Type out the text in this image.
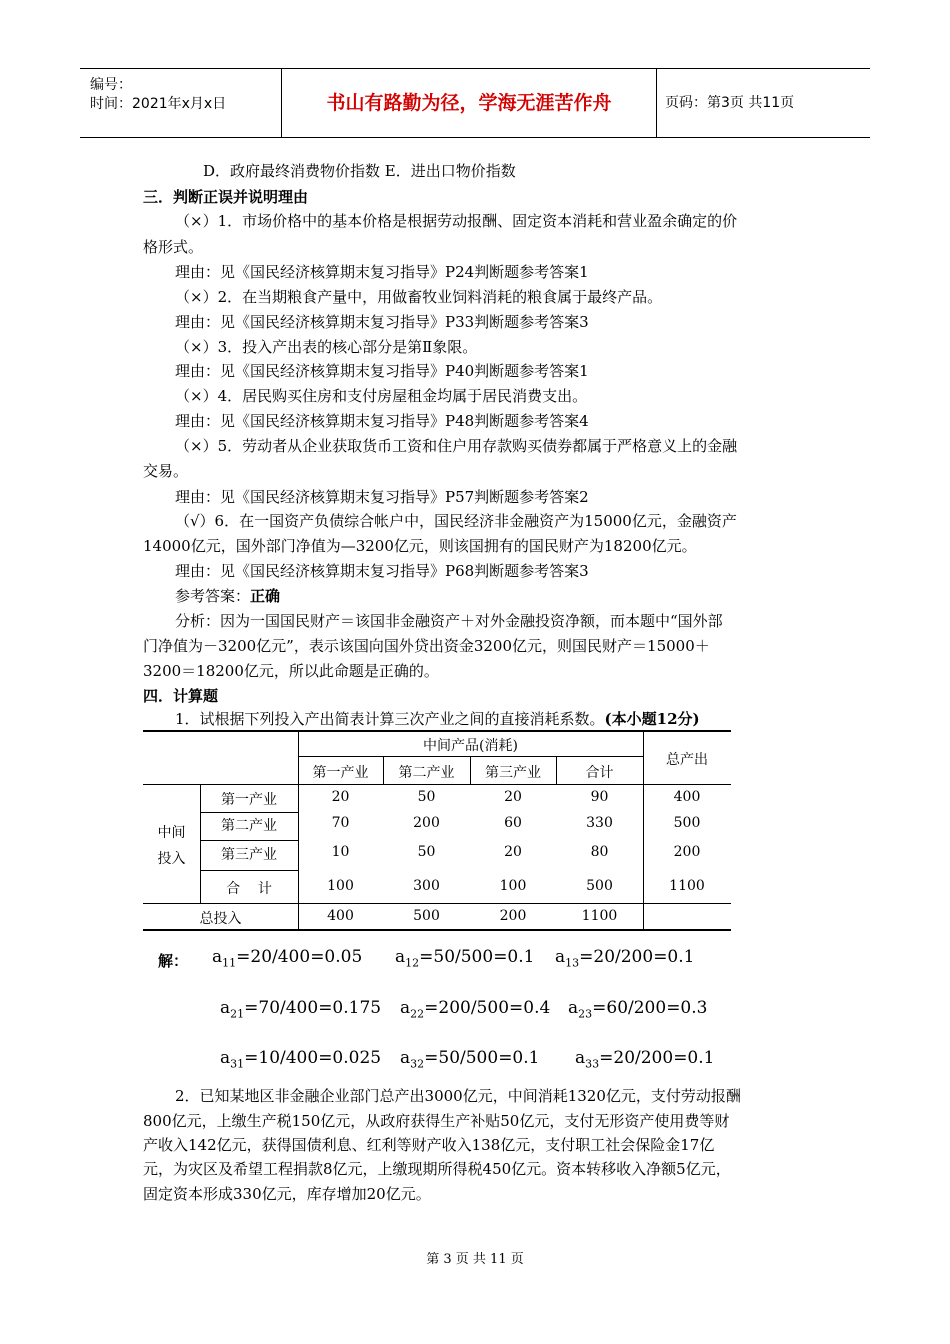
编号：
时间：2021年x月x日	书山有路勤为径，学海无涯苦作舟	页码：第3页 共11页
D．政府最终消费物价指数 E．进出口物价指数
三．判断正误并说明理由
（×）1．市场价格中的基本价格是根据劳动报酬、固定资本消耗和营业盈余确定的价
格形式。
理由：见《国民经济核算期末复习指导》P24判断题参考答案1
（×）2．在当期粮食产量中，用做畜牧业饲料消耗的粮食属于最终产品。
理由：见《国民经济核算期末复习指导》P33判断题参考答案3
（×）3．投入产出表的核心部分是第Ⅱ象限。
理由：见《国民经济核算期末复习指导》P40判断题参考答案1
（×）4．居民购买住房和支付房屋租金均属于居民消费支出。
理由：见《国民经济核算期末复习指导》P48判断题参考答案4
（×）5．劳动者从企业获取货币工资和住户用存款购买债券都属于严格意义上的金融
交易。
理由：见《国民经济核算期末复习指导》P57判断题参考答案2
（√）6．在一国资产负债综合帐户中，国民经济非金融资产为15000亿元，金融资产
14000亿元，国外部门净值为—3200亿元，则该国拥有的国民财产为18200亿元。
理由：见《国民经济核算期末复习指导》P68判断题参考答案3
参考答案：正确
分析：因为一国国民财产＝该国非金融资产＋对外金融投资净额，而本题中“国外部
门净值为－3200亿元”，表示该国向国外贷出资金3200亿元，则国民财产＝15000＋
3200＝18200亿元，所以此命题是正确的。
四．计算题
1．试根据下列投入产出简表计算三次产业之间的直接消耗系数。(本小题12分)
中间产品(消耗)
总产出
第一产业	第二产业	第三产业	合计
中间
投入
第一产业	20	50	20	90	400
第二产业	70	200	60	330	500
第三产业	10	50	20	80	200
合    计	100	300	100	500	1100
总投入	400	500	200	1100
解： $a_{11}=20/400=0.05$ $a_{12}=50/500=0.1$ $a_{13}=20/200=0.1$
$a_{21}=70/400=0.175$ $a_{22}=200/500=0.4$ $a_{23}=60/200=0.3$
$a_{31}=10/400=0.025$ $a_{32}=50/500=0.1$ $a_{33}=20/200=0.1$
2．已知某地区非金融企业部门总产出3000亿元，中间消耗1320亿元，支付劳动报酬
800亿元，上缴生产税150亿元，从政府获得生产补贴50亿元，支付无形资产使用费等财
产收入142亿元，获得国债利息、红利等财产收入138亿元，支付职工社会保险金17亿
元，为灾区及希望工程捐款8亿元，上缴现期所得税450亿元。资本转移收入净额5亿元，
固定资本形成330亿元，库存增加20亿元。
第 3 页 共 11 页
